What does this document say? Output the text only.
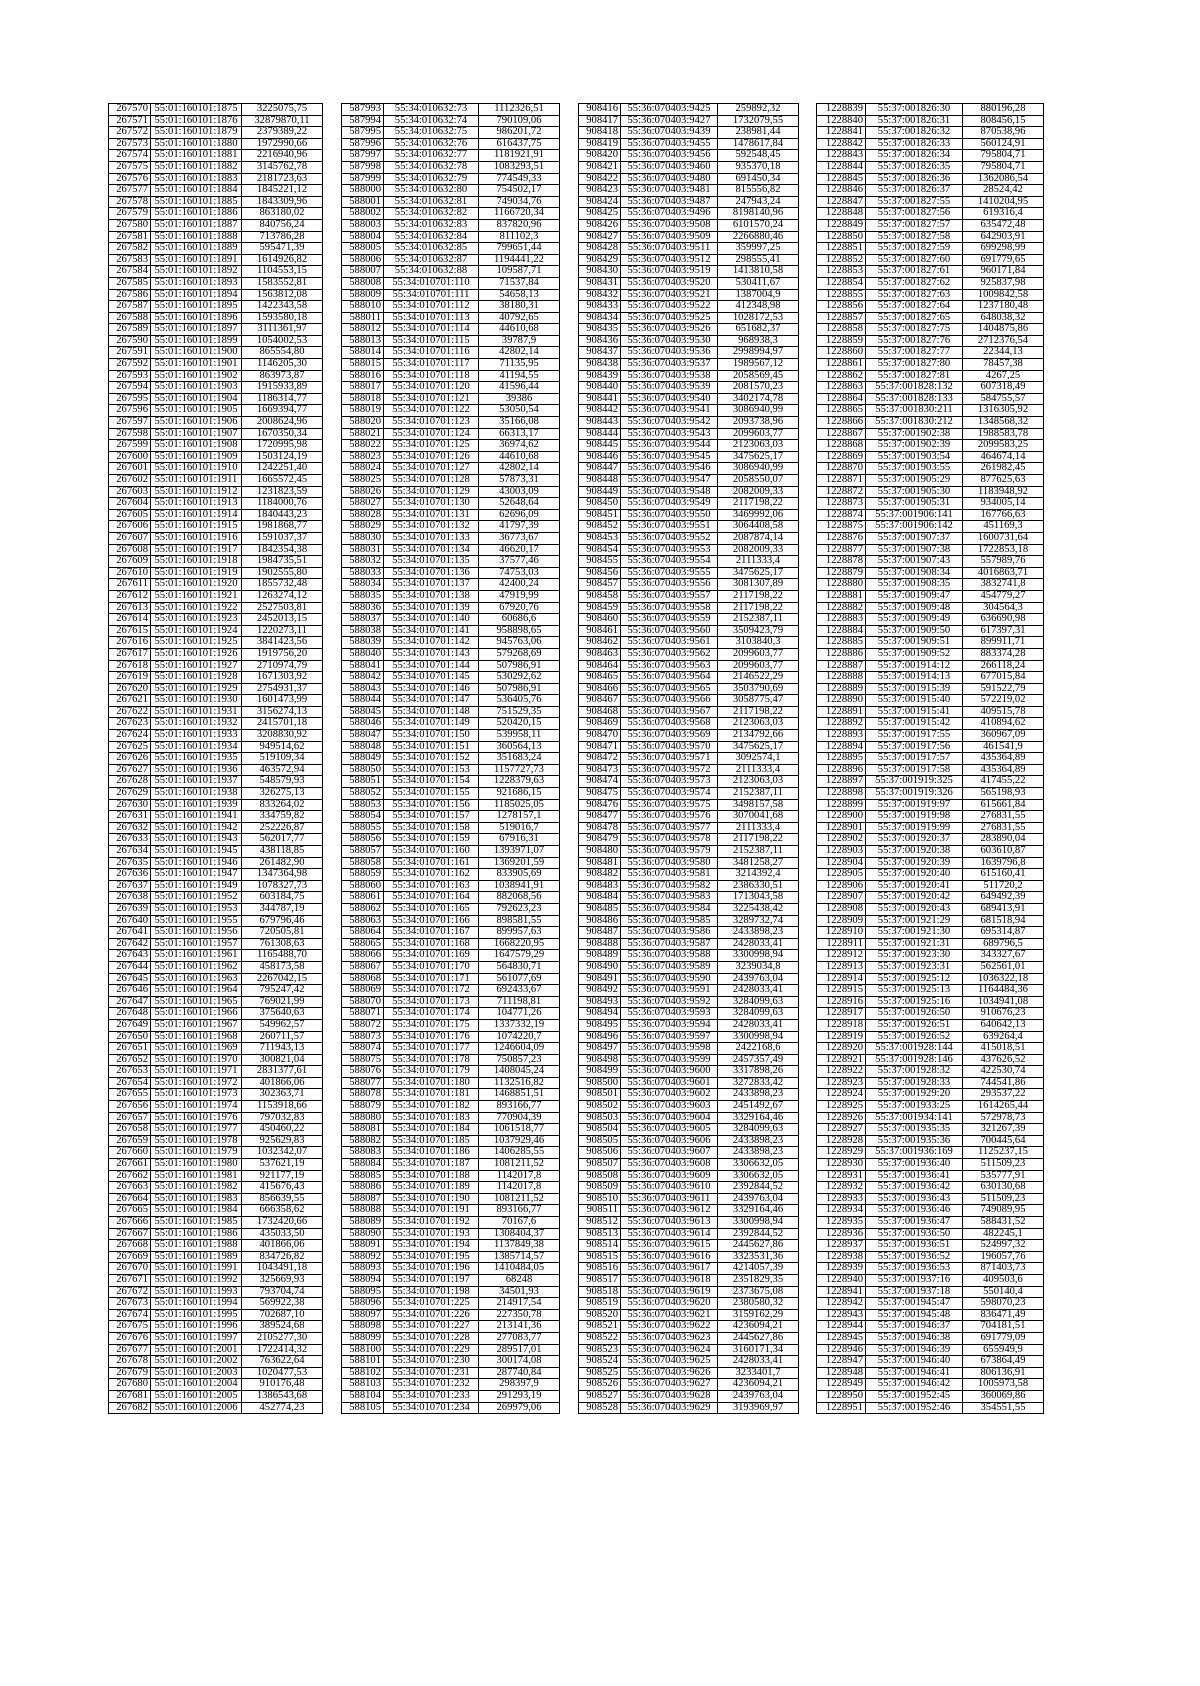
267570	55:01:160101:1875	3225075,75
267571	55:01:160101:1876	32879870,11
267572	55:01:160101:1879	2379389,22
267573	55:01:160101:1880	1972990,66
267574	55:01:160101:1881	2216940,96
267575	55:01:160101:1882	3145762,78
267576	55:01:160101:1883	2181723,63
267577	55:01:160101:1884	1845221,12
267578	55:01:160101:1885	1843309,96
267579	55:01:160101:1886	863180,02
267580	55:01:160101:1887	840756,24
267581	55:01:160101:1888	713786,28
267582	55:01:160101:1889	595471,39
267583	55:01:160101:1891	1614926,82
267584	55:01:160101:1892	1104553,15
267585	55:01:160101:1893	1583552,81
267586	55:01:160101:1894	1563812,08
267587	55:01:160101:1895	1422343,58
267588	55:01:160101:1896	1593580,18
267589	55:01:160101:1897	3111361,97
267590	55:01:160101:1899	1054002,53
267591	55:01:160101:1900	865554,80
267592	55:01:160101:1901	1146205,30
267593	55:01:160101:1902	863973,87
267594	55:01:160101:1903	1915933,89
267595	55:01:160101:1904	1186314,77
267596	55:01:160101:1905	1669394,77
267597	55:01:160101:1906	2008624,96
267598	55:01:160101:1907	1670350,34
267599	55:01:160101:1908	1720995,98
267600	55:01:160101:1909	1503124,19
267601	55:01:160101:1910	1242251,40
267602	55:01:160101:1911	1665572,45
267603	55:01:160101:1912	1231823,59
267604	55:01:160101:1913	1184000,76
267605	55:01:160101:1914	1840443,23
267606	55:01:160101:1915	1981868,77
267607	55:01:160101:1916	1591037,37
267608	55:01:160101:1917	1842354,38
267609	55:01:160101:1918	1984735,51
267610	55:01:160101:1919	1902555,80
267611	55:01:160101:1920	1855732,48
267612	55:01:160101:1921	1263274,12
267613	55:01:160101:1922	2527503,81
267614	55:01:160101:1923	2452013,15
267615	55:01:160101:1924	1220273,11
267616	55:01:160101:1925	3841423,56
267617	55:01:160101:1926	1919756,20
267618	55:01:160101:1927	2710974,79
267619	55:01:160101:1928	1671303,92
267620	55:01:160101:1929	2754931,37
267621	55:01:160101:1930	1601473,99
267622	55:01:160101:1931	3156274,13
267623	55:01:160101:1932	2415701,18
267624	55:01:160101:1933	3208830,92
267625	55:01:160101:1934	949514,62
267626	55:01:160101:1935	519109,34
267627	55:01:160101:1936	463572,94
267628	55:01:160101:1937	548579,93
267629	55:01:160101:1938	326275,13
267630	55:01:160101:1939	833264,02
267631	55:01:160101:1941	334759,82
267632	55:01:160101:1942	252226,87
267633	55:01:160101:1943	562017,77
267634	55:01:160101:1945	438118,85
267635	55:01:160101:1946	261482,90
267636	55:01:160101:1947	1347364,98
267637	55:01:160101:1949	1078327,73
267638	55:01:160101:1952	603184,75
267639	55:01:160101:1953	344787,19
267640	55:01:160101:1955	679796,46
267641	55:01:160101:1956	720505,81
267642	55:01:160101:1957	761308,63
267643	55:01:160101:1961	1165488,70
267644	55:01:160101:1962	458173,58
267645	55:01:160101:1963	2267042,15
267646	55:01:160101:1964	795247,42
267647	55:01:160101:1965	769021,99
267648	55:01:160101:1966	375640,63
267649	55:01:160101:1967	549962,57
267650	55:01:160101:1968	260711,57
267651	55:01:160101:1969	711943,13
267652	55:01:160101:1970	300821,04
267653	55:01:160101:1971	2831377,61
267654	55:01:160101:1972	401866,06
267655	55:01:160101:1973	302363,71
267656	55:01:160101:1974	1153918,66
267657	55:01:160101:1976	797032,83
267658	55:01:160101:1977	450460,22
267659	55:01:160101:1978	925629,83
267660	55:01:160101:1979	1032342,07
267661	55:01:160101:1980	537621,19
267662	55:01:160101:1981	921177,19
267663	55:01:160101:1982	415676,43
267664	55:01:160101:1983	856639,55
267665	55:01:160101:1984	666358,62
267666	55:01:160101:1985	1732420,66
267667	55:01:160101:1986	435033,50
267668	55:01:160101:1988	401866,06
267669	55:01:160101:1989	834726,82
267670	55:01:160101:1991	1043491,18
267671	55:01:160101:1992	325669,93
267672	55:01:160101:1993	793704,74
267673	55:01:160101:1994	569922,38
267674	55:01:160101:1995	702687,10
267675	55:01:160101:1996	389524,68
267676	55:01:160101:1997	2105277,30
267677	55:01:160101:2001	1722414,32
267678	55:01:160101:2002	763622,64
267679	55:01:160101:2003	1020477,53
267680	55:01:160101:2004	910176,48
267681	55:01:160101:2005	1386543,68
267682	55:01:160101:2006	452774,23
587993	55:34:010632:73	1112326,51
587994	55:34:010632:74	790109,06
587995	55:34:010632:75	986201,72
587996	55:34:010632:76	616437,75
587997	55:34:010632:77	1181921,91
587998	55:34:010632:78	1083293,51
587999	55:34:010632:79	774549,33
588000	55:34:010632:80	754502,17
588001	55:34:010632:81	749034,76
588002	55:34:010632:82	1166720,34
588003	55:34:010632:83	837820,96
588004	55:34:010632:84	811102,3
588005	55:34:010632:85	799651,44
588006	55:34:010632:87	1194441,22
588007	55:34:010632:88	109587,71
588008	55:34:010701:110	71537,84
588009	55:34:010701:111	54658,13
588010	55:34:010701:112	38180,31
588011	55:34:010701:113	40792,65
588012	55:34:010701:114	44610,68
588013	55:34:010701:115	39787,9
588014	55:34:010701:116	42802,14
588015	55:34:010701:117	71135,95
588016	55:34:010701:118	41194,55
588017	55:34:010701:120	41596,44
588018	55:34:010701:121	39386
588019	55:34:010701:122	53050,54
588020	55:34:010701:123	35166,08
588021	55:34:010701:124	66313,17
588022	55:34:010701:125	36974,62
588023	55:34:010701:126	44610,68
588024	55:34:010701:127	42802,14
588025	55:34:010701:128	57873,31
588026	55:34:010701:129	43003,09
588027	55:34:010701:130	52648,64
588028	55:34:010701:131	62696,09
588029	55:34:010701:132	41797,39
588030	55:34:010701:133	36773,67
588031	55:34:010701:134	46620,17
588032	55:34:010701:135	37577,46
588033	55:34:010701:136	74753,03
588034	55:34:010701:137	42400,24
588035	55:34:010701:138	47919,99
588036	55:34:010701:139	67920,76
588037	55:34:010701:140	60686,6
588038	55:34:010701:141	958898,65
588039	55:34:010701:142	945763,06
588040	55:34:010701:143	579268,69
588041	55:34:010701:144	507986,91
588042	55:34:010701:145	530292,62
588043	55:34:010701:146	507986,91
588044	55:34:010701:147	536405,76
588045	55:34:010701:148	751529,35
588046	55:34:010701:149	520420,15
588047	55:34:010701:150	539958,11
588048	55:34:010701:151	360564,13
588049	55:34:010701:152	351683,24
588050	55:34:010701:153	1157727,73
588051	55:34:010701:154	1228379,63
588052	55:34:010701:155	921686,15
588053	55:34:010701:156	1185025,05
588054	55:34:010701:157	1278157,1
588055	55:34:010701:158	519016,7
588056	55:34:010701:159	67916,31
588057	55:34:010701:160	1393971,07
588058	55:34:010701:161	1369201,59
588059	55:34:010701:162	833905,69
588060	55:34:010701:163	1038941,91
588061	55:34:010701:164	882068,56
588062	55:34:010701:165	792623,23
588063	55:34:010701:166	898581,55
588064	55:34:010701:167	899957,63
588065	55:34:010701:168	1668220,95
588066	55:34:010701:169	1647579,29
588067	55:34:010701:170	564830,71
588068	55:34:010701:171	561077,69
588069	55:34:010701:172	692433,67
588070	55:34:010701:173	711198,81
588071	55:34:010701:174	104771,26
588072	55:34:010701:175	1337332,19
588073	55:34:010701:176	1074220,7
588074	55:34:010701:177	1246604,09
588075	55:34:010701:178	750857,23
588076	55:34:010701:179	1408045,24
588077	55:34:010701:180	1132516,82
588078	55:34:010701:181	1468851,51
588079	55:34:010701:182	893166,77
588080	55:34:010701:183	770904,39
588081	55:34:010701:184	1061518,77
588082	55:34:010701:185	1037929,46
588083	55:34:010701:186	1406285,55
588084	55:34:010701:187	1081211,52
588085	55:34:010701:188	1142017,8
588086	55:34:010701:189	1142017,8
588087	55:34:010701:190	1081211,52
588088	55:34:010701:191	893166,77
588089	55:34:010701:192	70167,6
588090	55:34:010701:193	1308404,37
588091	55:34:010701:194	1137849,38
588092	55:34:010701:195	1385714,57
588093	55:34:010701:196	1410484,05
588094	55:34:010701:197	68248
588095	55:34:010701:198	34501,93
588096	55:34:010701:225	214917,54
588097	55:34:010701:226	227350,78
588098	55:34:010701:227	213141,36
588099	55:34:010701:228	277083,77
588100	55:34:010701:229	289517,01
588101	55:34:010701:230	300174,08
588102	55:34:010701:231	287740,84
588103	55:34:010701:232	298397,9
588104	55:34:010701:233	291293,19
588105	55:34:010701:234	269979,06
908416	55:36:070403:9425	259892,32
908417	55:36:070403:9427	1732079,55
908418	55:36:070403:9439	238981,44
908419	55:36:070403:9455	1478617,84
908420	55:36:070403:9456	592548,45
908421	55:36:070403:9460	935370,18
908422	55:36:070403:9480	691450,34
908423	55:36:070403:9481	815556,82
908424	55:36:070403:9487	247943,24
908425	55:36:070403:9496	8198140,96
908426	55:36:070403:9508	6101570,24
908427	55:36:070403:9509	2266880,46
908428	55:36:070403:9511	359997,25
908429	55:36:070403:9512	298555,41
908430	55:36:070403:9519	1413810,58
908431	55:36:070403:9520	530411,67
908432	55:36:070403:9521	1387004,9
908433	55:36:070403:9522	412348,98
908434	55:36:070403:9525	1028172,53
908435	55:36:070403:9526	651682,37
908436	55:36:070403:9530	968938,3
908437	55:36:070403:9536	2998994,97
908438	55:36:070403:9537	1989567,12
908439	55:36:070403:9538	2058569,45
908440	55:36:070403:9539	2081570,23
908441	55:36:070403:9540	3402174,78
908442	55:36:070403:9541	3086940,99
908443	55:36:070403:9542	2093738,96
908444	55:36:070403:9543	2099603,77
908445	55:36:070403:9544	2123063,03
908446	55:36:070403:9545	3475625,17
908447	55:36:070403:9546	3086940,99
908448	55:36:070403:9547	2058550,07
908449	55:36:070403:9548	2082009,33
908450	55:36:070403:9549	2117198,22
908451	55:36:070403:9550	3469992,06
908452	55:36:070403:9551	3064408,58
908453	55:36:070403:9552	2087874,14
908454	55:36:070403:9553	2082009,33
908455	55:36:070403:9554	2111333,4
908456	55:36:070403:9555	3475625,17
908457	55:36:070403:9556	3081307,89
908458	55:36:070403:9557	2117198,22
908459	55:36:070403:9558	2117198,22
908460	55:36:070403:9559	2152387,11
908461	55:36:070403:9560	3509423,79
908462	55:36:070403:9561	3103840,3
908463	55:36:070403:9562	2099603,77
908464	55:36:070403:9563	2099603,77
908465	55:36:070403:9564	2146522,29
908466	55:36:070403:9565	3503790,69
908467	55:36:070403:9566	3058775,47
908468	55:36:070403:9567	2117198,22
908469	55:36:070403:9568	2123063,03
908470	55:36:070403:9569	2134792,66
908471	55:36:070403:9570	3475625,17
908472	55:36:070403:9571	3092574,1
908473	55:36:070403:9572	2111333,4
908474	55:36:070403:9573	2123063,03
908475	55:36:070403:9574	2152387,11
908476	55:36:070403:9575	3498157,58
908477	55:36:070403:9576	3070041,68
908478	55:36:070403:9577	2111333,4
908479	55:36:070403:9578	2117198,22
908480	55:36:070403:9579	2152387,11
908481	55:36:070403:9580	3481258,27
908482	55:36:070403:9581	3214392,4
908483	55:36:070403:9582	2386330,51
908484	55:36:070403:9583	1713043,58
908485	55:36:070403:9584	3225438,42
908486	55:36:070403:9585	3289732,74
908487	55:36:070403:9586	2433898,23
908488	55:36:070403:9587	2428033,41
908489	55:36:070403:9588	3300998,94
908490	55:36:070403:9589	3239034,8
908491	55:36:070403:9590	2439763,04
908492	55:36:070403:9591	2428033,41
908493	55:36:070403:9592	3284099,63
908494	55:36:070403:9593	3284099,63
908495	55:36:070403:9594	2428033,41
908496	55:36:070403:9597	3300998,94
908497	55:36:070403:9598	2422168,6
908498	55:36:070403:9599	2457357,49
908499	55:36:070403:9600	3317898,26
908500	55:36:070403:9601	3272833,42
908501	55:36:070403:9602	2433898,23
908502	55:36:070403:9603	2451492,67
908503	55:36:070403:9604	3329164,46
908504	55:36:070403:9605	3284099,63
908505	55:36:070403:9606	2433898,23
908506	55:36:070403:9607	2433898,23
908507	55:36:070403:9608	3306632,05
908508	55:36:070403:9609	3306632,05
908509	55:36:070403:9610	2392844,52
908510	55:36:070403:9611	2439763,04
908511	55:36:070403:9612	3329164,46
908512	55:36:070403:9613	3300998,94
908513	55:36:070403:9614	2392844,52
908514	55:36:070403:9615	2445627,86
908515	55:36:070403:9616	3323531,36
908516	55:36:070403:9617	4214057,39
908517	55:36:070403:9618	2351829,35
908518	55:36:070403:9619	2373675,08
908519	55:36:070403:9620	2380580,32
908520	55:36:070403:9621	3159162,29
908521	55:36:070403:9622	4236094,21
908522	55:36:070403:9623	2445627,86
908523	55:36:070403:9624	3160171,34
908524	55:36:070403:9625	2428033,41
908525	55:36:070403:9626	3233401,7
908526	55:36:070403:9627	4236094,21
908527	55:36:070403:9628	2439763,04
908528	55:36:070403:9629	3193969,97
1228839	55:37:001826:30	880196,28
1228840	55:37:001826:31	808456,15
1228841	55:37:001826:32	870538,96
1228842	55:37:001826:33	560124,91
1228843	55:37:001826:34	795804,71
1228844	55:37:001826:35	795804,71
1228845	55:37:001826:36	1362086,54
1228846	55:37:001826:37	28524,42
1228847	55:37:001827:55	1410204,95
1228848	55:37:001827:56	619316,4
1228849	55:37:001827:57	635472,48
1228850	55:37:001827:58	642903,91
1228851	55:37:001827:59	699298,99
1228852	55:37:001827:60	691779,65
1228853	55:37:001827:61	960171,84
1228854	55:37:001827:62	925837,98
1228855	55:37:001827:63	1009842,58
1228856	55:37:001827:64	1237180,48
1228857	55:37:001827:65	648038,32
1228858	55:37:001827:75	1404875,86
1228859	55:37:001827:76	2712376,54
1228860	55:37:001827:77	22344,13
1228861	55:37:001827:80	78457,38
1228862	55:37:001827:81	4267,25
1228863	55:37:001828:132	607318,49
1228864	55:37:001828:133	584755,57
1228865	55:37:001830:211	1316305,92
1228866	55:37:001830:212	1348568,32
1228867	55:37:001902:38	1988583,78
1228868	55:37:001902:39	2099583,25
1228869	55:37:001903:54	464674,14
1228870	55:37:001903:55	261982,45
1228871	55:37:001905:29	877625,63
1228872	55:37:001905:30	1183948,92
1228873	55:37:001905:31	934005,14
1228874	55:37:001906:141	167766,63
1228875	55:37:001906:142	451169,3
1228876	55:37:001907:37	1600731,64
1228877	55:37:001907:38	1722853,18
1228878	55:37:001907:43	557989,76
1228879	55:37:001908:34	4016863,71
1228880	55:37:001908:35	3832741,8
1228881	55:37:001909:47	454779,27
1228882	55:37:001909:48	304564,3
1228883	55:37:001909:49	636690,98
1228884	55:37:001909:50	617397,31
1228885	55:37:001909:51	899911,71
1228886	55:37:001909:52	883374,28
1228887	55:37:001914:12	266118,24
1228888	55:37:001914:13	677015,84
1228889	55:37:001915:39	591522,79
1228890	55:37:001915:40	572219,02
1228891	55:37:001915:41	409515,78
1228892	55:37:001915:42	410894,62
1228893	55:37:001917:55	360967,09
1228894	55:37:001917:56	461541,9
1228895	55:37:001917:57	435364,89
1228896	55:37:001917:58	435364,89
1228897	55:37:001919:325	417455,22
1228898	55:37:001919:326	565198,93
1228899	55:37:001919:97	615661,84
1228900	55:37:001919:98	276831,55
1228901	55:37:001919:99	276831,55
1228902	55:37:001920:37	283890,04
1228903	55:37:001920:38	603610,87
1228904	55:37:001920:39	1639796,8
1228905	55:37:001920:40	615160,41
1228906	55:37:001920:41	511720,2
1228907	55:37:001920:42	649492,39
1228908	55:37:001920:43	689413,91
1228909	55:37:001921:29	681518,94
1228910	55:37:001921:30	695314,87
1228911	55:37:001921:31	689796,5
1228912	55:37:001923:30	343327,67
1228913	55:37:001923:31	562561,01
1228914	55:37:001925:12	1036322,18
1228915	55:37:001925:13	1164484,36
1228916	55:37:001925:16	1034941,08
1228917	55:37:001926:50	910676,23
1228918	55:37:001926:51	640642,13
1228919	55:37:001926:52	639264,4
1228920	55:37:001928:144	415018,51
1228921	55:37:001928:146	437626,52
1228922	55:37:001928:32	422530,74
1228923	55:37:001928:33	744541,86
1228924	55:37:001929:20	293537,22
1228925	55:37:001933:25	1614265,44
1228926	55:37:001934:141	572978,73
1228927	55:37:001935:35	321267,39
1228928	55:37:001935:36	700445,64
1228929	55:37:001936:169	1125237,15
1228930	55:37:001936:40	511509,23
1228931	55:37:001936:41	535777,91
1228932	55:37:001936:42	630130,68
1228933	55:37:001936:43	511509,23
1228934	55:37:001936:46	749089,95
1228935	55:37:001936:47	588431,52
1228936	55:37:001936:50	482245,1
1228937	55:37:001936:51	524997,32
1228938	55:37:001936:52	196057,76
1228939	55:37:001936:53	871403,73
1228940	55:37:001937:16	409503,6
1228941	55:37:001937:18	550140,4
1228942	55:37:001945:47	598070,23
1228943	55:37:001945:48	836471,49
1228944	55:37:001946:37	704181,51
1228945	55:37:001946:38	691779,09
1228946	55:37:001946:39	655949,9
1228947	55:37:001946:40	673864,49
1228948	55:37:001946:41	806136,91
1228949	55:37:001946:42	1005973,58
1228950	55:37:001952:45	360069,86
1228951	55:37:001952:46	354551,55
